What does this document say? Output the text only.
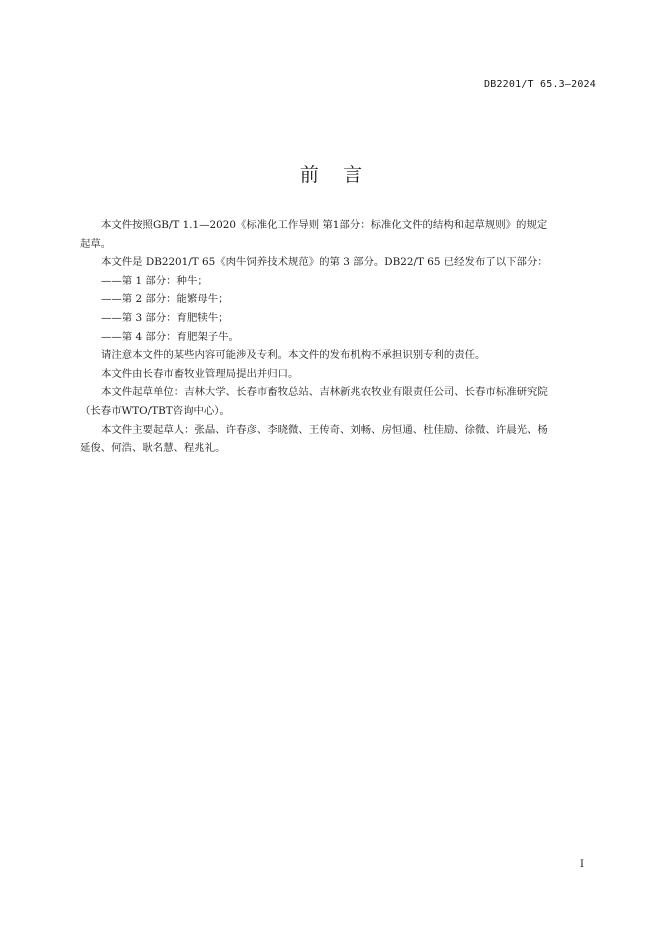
DB2201/T 65.3—2024
前    言
本文件按照GB/T 1.1—2020《标准化工作导则 第1部分：标准化文件的结构和起草规则》的规定
起草。
本文件是 DB2201/T 65《肉牛饲养技术规范》的第 3 部分。DB22/T 65 已经发布了以下部分：
——第 1 部分：种牛；
——第 2 部分：能繁母牛；
——第 3 部分：育肥犊牛；
——第 4 部分：育肥架子牛。
请注意本文件的某些内容可能涉及专利。本文件的发布机构不承担识别专利的责任。
本文件由长春市畜牧业管理局提出并归口。
本文件起草单位：吉林大学、长春市畜牧总站、吉林新兆农牧业有限责任公司、长春市标准研究院
（长春市WTO/TBT咨询中心）。
本文件主要起草人：张晶、许春彦、李晓微、王传奇、刘畅、房恒通、杜佳励、徐微、许晨光、杨
延俊、何浩、耿名慧、程兆礼。
I
